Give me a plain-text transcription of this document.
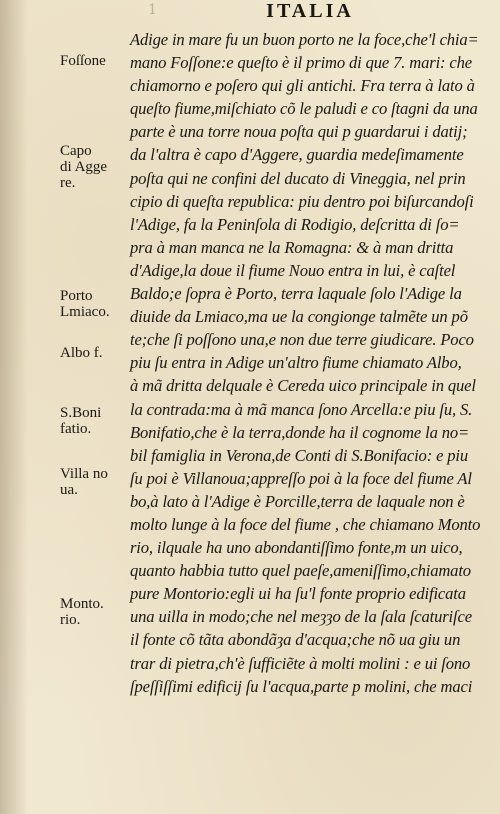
1	ITALIA
Foſſone
Capo
di Agge
re.
Porto
Lmiaco.
Albo f.
S.Boni
fatio.
Villa no
ua.
Monto.
rio.
Adige in mare fu un buon porto ne la foce,che'l chia=
mano Foſſone:e queſto è il primo di que 7. mari: che
chiamorno e poſero qui gli antichi. Fra terra à lato à
queſto fiume,miſchiato cõ le paludi e co ſtagni da una
parte è una torre noua poſta qui p guardarui i datij;
da l'altra è capo d'Aggere, guardia medeſimamente
poſta qui ne confini del ducato di Vineggia, nel prin
cipio di queſta republica: piu dentro poi biſurcandoſi
l'Adige, fa la Peninſola di Rodigio, deſcritta di ſo=
pra à man manca ne la Romagna: & à man dritta
d'Adige,la doue il fiume Nouo entra in lui, è caſtel
Baldo;e ſopra è Porto, terra laquale ſolo l'Adige la
diuide da Lmiaco,ma ue la congiongе talmẽte un põ
te;che ſi poſſono una,e non due terre giudicare. Poco
piu ſu entra in Adige un'altro fiume chiamato Albo,
à mã dritta delquale è Cereda uico principale in quel
la contrada:ma à mã manca ſono Arcellа:e piu ſu, S.
Bonifatio,che è la terra,donde ha il cognome la no=
bil famiglia in Verona,de Conti di S.Bonifacio: e piu
ſu poi è Villanoua;appreſſo poi à la foce del fiume Al
bo,à lato à l'Adige è Porcille,terra de laquale non è
molto lunge à la foce del fiume , che chiamano Monto
rio, ilquale ha uno abondantiſſimo fonte,m un uico,
quanto habbia tutto quel paeſe,ameniſſimo,chiamato
pure Montorio:egli ui ha ſu'l fonte proprio edificata
una uilla in modo;che nel meȝȝo de la ſala ſcaturiſce
il fonte cõ tãta abondãȝa d'acqua;che nõ ua giu un
trar di pietra,ch'è ſufficiẽte à molti molini : e ui ſono
ſpeſſiſſimi edificij ſu l'acqua,parte p molini, che maci
